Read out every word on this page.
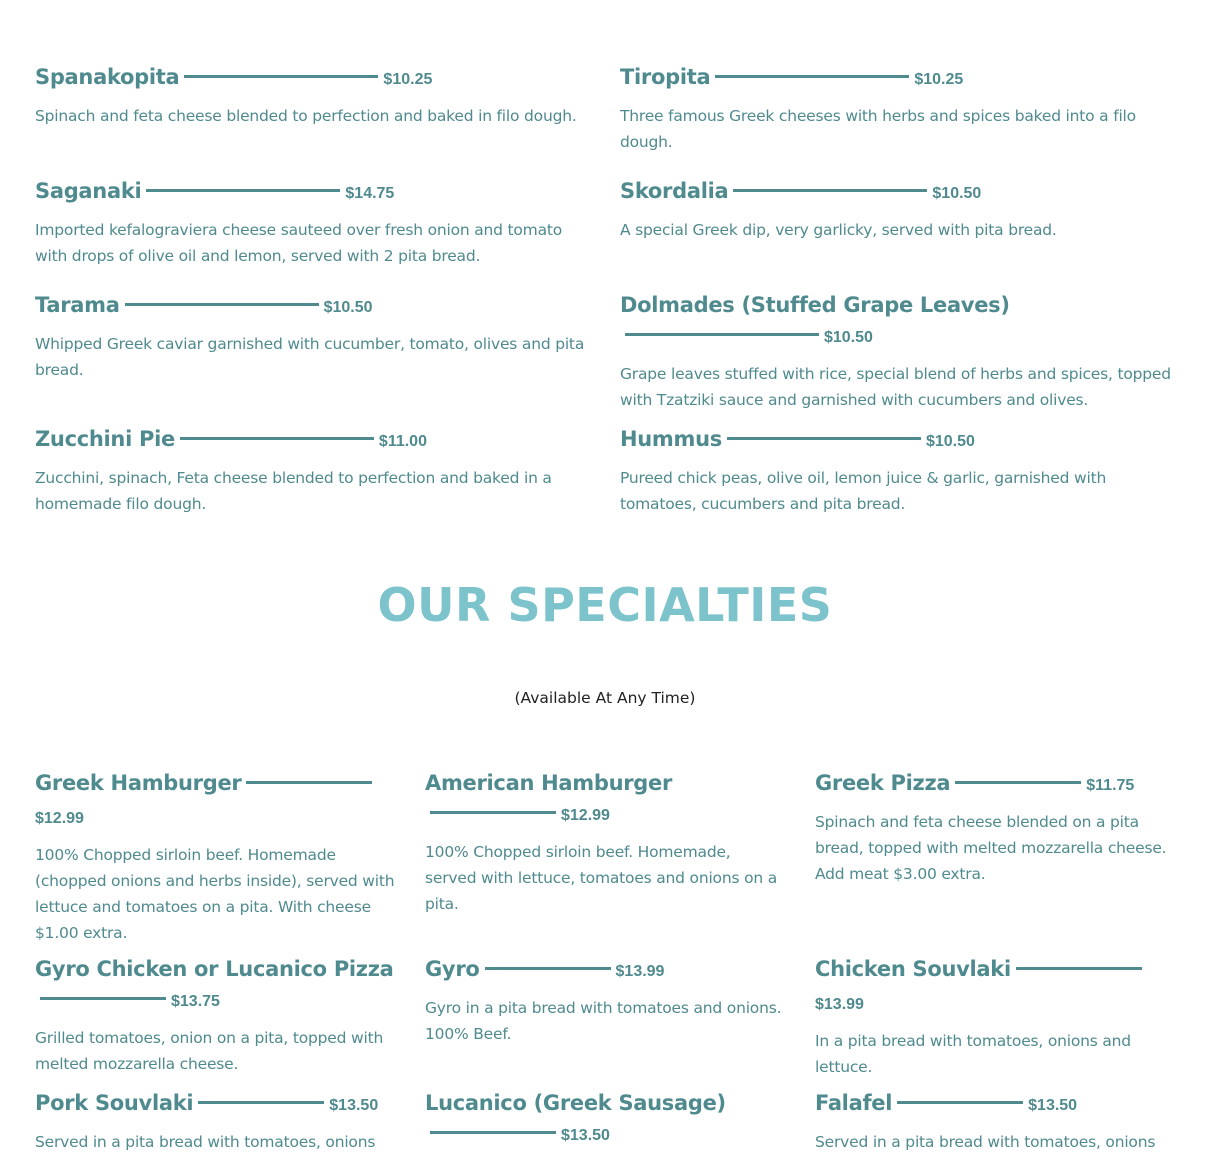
Spanakopita	$10.25
Spinach and feta cheese blended to perfection and baked in filo dough.
Tiropita	$10.25
Three famous Greek cheeses with herbs and spices baked into a filo dough.
Saganaki	$14.75
Imported kefalograviera cheese sauteed over fresh onion and tomato with drops of olive oil and lemon, served with 2 pita bread.
Skordalia	$10.50
A special Greek dip, very garlicky, served with pita bread.
Tarama	$10.50
Whipped Greek caviar garnished with cucumber, tomato, olives and pita bread.
Dolmades (Stuffed Grape Leaves)
$10.50
Grape leaves stuffed with rice, special blend of herbs and spices, topped with Tzatziki sauce and garnished with cucumbers and olives.
Zucchini Pie	$11.00
Zucchini, spinach, Feta cheese blended to perfection and baked in a homemade filo dough.
Hummus	$10.50
Pureed chick peas, olive oil, lemon juice & garlic, garnished with tomatoes, cucumbers and pita bread.
OUR SPECIALTIES
(Available At Any Time)
Greek Hamburger
$12.99
100% Chopped sirloin beef. Homemade (chopped onions and herbs inside), served with lettuce and tomatoes on a pita. With cheese $1.00 extra.
American Hamburger
$12.99
100% Chopped sirloin beef. Homemade, served with lettuce, tomatoes and onions on a pita.
Greek Pizza	$11.75
Spinach and feta cheese blended on a pita bread, topped with melted mozzarella cheese. Add meat $3.00 extra.
Gyro Chicken or Lucanico Pizza
$13.75
Grilled tomatoes, onion on a pita, topped with melted mozzarella cheese.
Gyro	$13.99
Gyro in a pita bread with tomatoes and onions. 100% Beef.
Chicken Souvlaki
$13.99
In a pita bread with tomatoes, onions and lettuce.
Pork Souvlaki	$13.50
Served in a pita bread with tomatoes, onions
Lucanico (Greek Sausage)
$13.50
Falafel	$13.50
Served in a pita bread with tomatoes, onions
